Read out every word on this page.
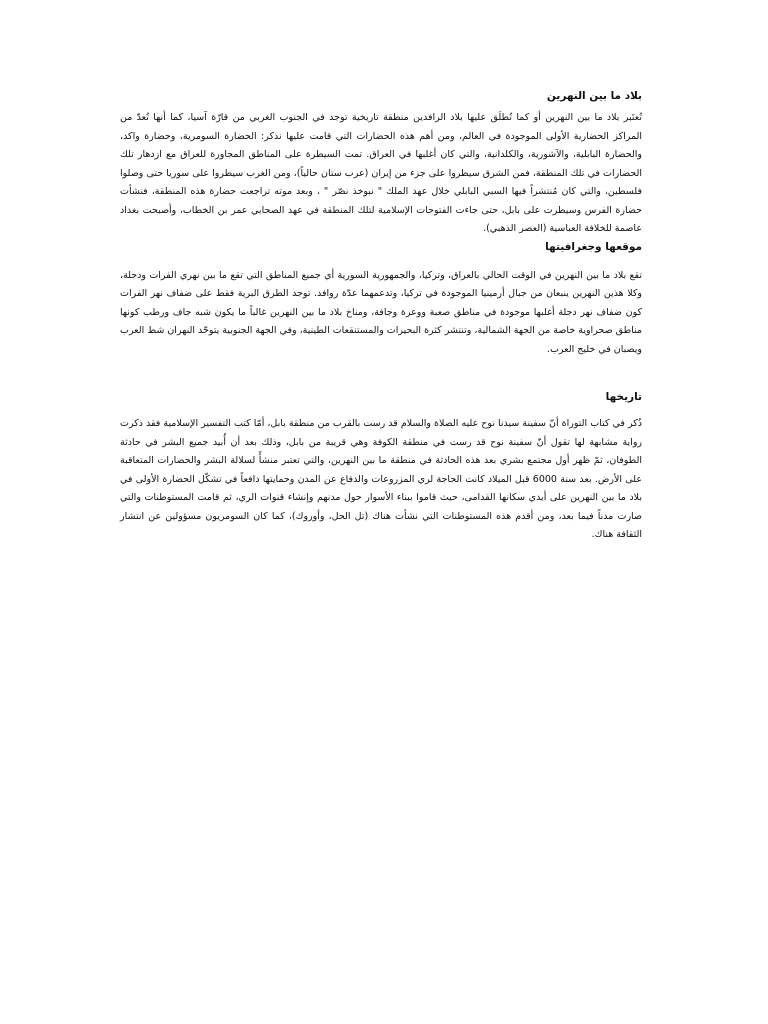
بلاد ما بين النهرين

تُعتَبر بلاد ما بين النهرين أو كما تُطلَق عليها بلاد الرافدين منطقة تاريخية توجد في الجنوب الغربي من قارّة آسيا، كما أنها تُعدّ من المراكز الحضارية الأولى الموجودة في العالم، ومن أهم هذه الحضارات التي قامت عليها نذكر: الحضارة السومرية، وحضارة واكد، والحضارة البابلية، والآشورية، والكلدانية، والتي كان أغلبها في العراق. تمت السيطرة على المناطق المجاورة للعراق مع ازدهار تلك الحضارات في تلك المنطقة، فمن الشرق سيطروا على جزء من إيران (عرب ستان حالياً)، ومن الغرب سيطروا على سوريا حتى وصلوا فلسطين، والتي كان مُنتشراً فيها السبي البابلي خلال عهد الملك " نبوخذ نصّر " ، وبعد موته تراجعت حضارة هذه المنطقة، فنشأت حضارة الفرس وسيطرت على بابل، حتى جاءت الفتوحات الإسلامية لتلك المنطقة في عهد الصحابي عمر بن الخطاب، وأصبحت بغداد عاصمة للخلافة العباسية (العصر الذهبي).

موقعها وجغرافيتها

تقع بلاد ما بين النهرين في الوقت الحالي بالعراق، وتركيا، والجمهورية السورية أي جميع المناطق التي تقع ما بين نهري الفرات ودجلة، وكلا هذين النهرين ينبعان من جبال أرمينيا الموجودة في تركيا، وتدعمهما عدّة روافد. توجد الطرق البرية فقط على ضفاف نهر الفرات كون ضفاف نهر دجلة أغلبها موجودة في مناطق صعبة ووعرة وجافة، ومناخ بلاد ما بين النهرين غالباً ما يكون شبه جاف ورطب كونها مناطق صحراوية خاصة من الجهة الشمالية، وتنتشر كثرة البحيرات والمستنقعات الطينية، وفي الجهة الجنوبية يتوحّد النهران شط العرب ويصبان في خليج العرب.

تاريخها

ذُكر في كتاب التوراة أنّ سفينة سيدنا نوح عليه الصلاة والسلام قد رست بالقرب من منطقة بابل، أمّا كتب التفسير الإسلامية فقد ذكرت رواية مشابهة لها تقول أنّ سفينة نوح قد رست في منطقة الكوفة وهي قريبة من بابل، وذلك بعد أن أُبيد جميع البشر في حادثة الطوفان، ثمّ ظهر أول مجتمع بشري بعد هذه الحادثة في منطقة ما بين النهرين، والتي تعتبر منشأً لسلالة البشر والحضارات المتعاقبة على الأرض. بعد سنة 6000 قبل الميلاد كانت الحاجة لري المزروعات والدفاع عن المدن وحمايتها دافعاً في تشكّل الحضارة الأولى في بلاد ما بين النهرين على أيدي سكانها القدامى، حيث قاموا ببناء الأسوار حول مدنهم وإنشاء قنوات الري، ثم قامت المستوطنات والتي صارت مدناً فيما بعد، ومن أقدم هذه المستوطنات التي نشأت هناك (تل الحل، وأوروك)، كما كان السومريون مسؤولين عن انتشار الثقافة هناك.
